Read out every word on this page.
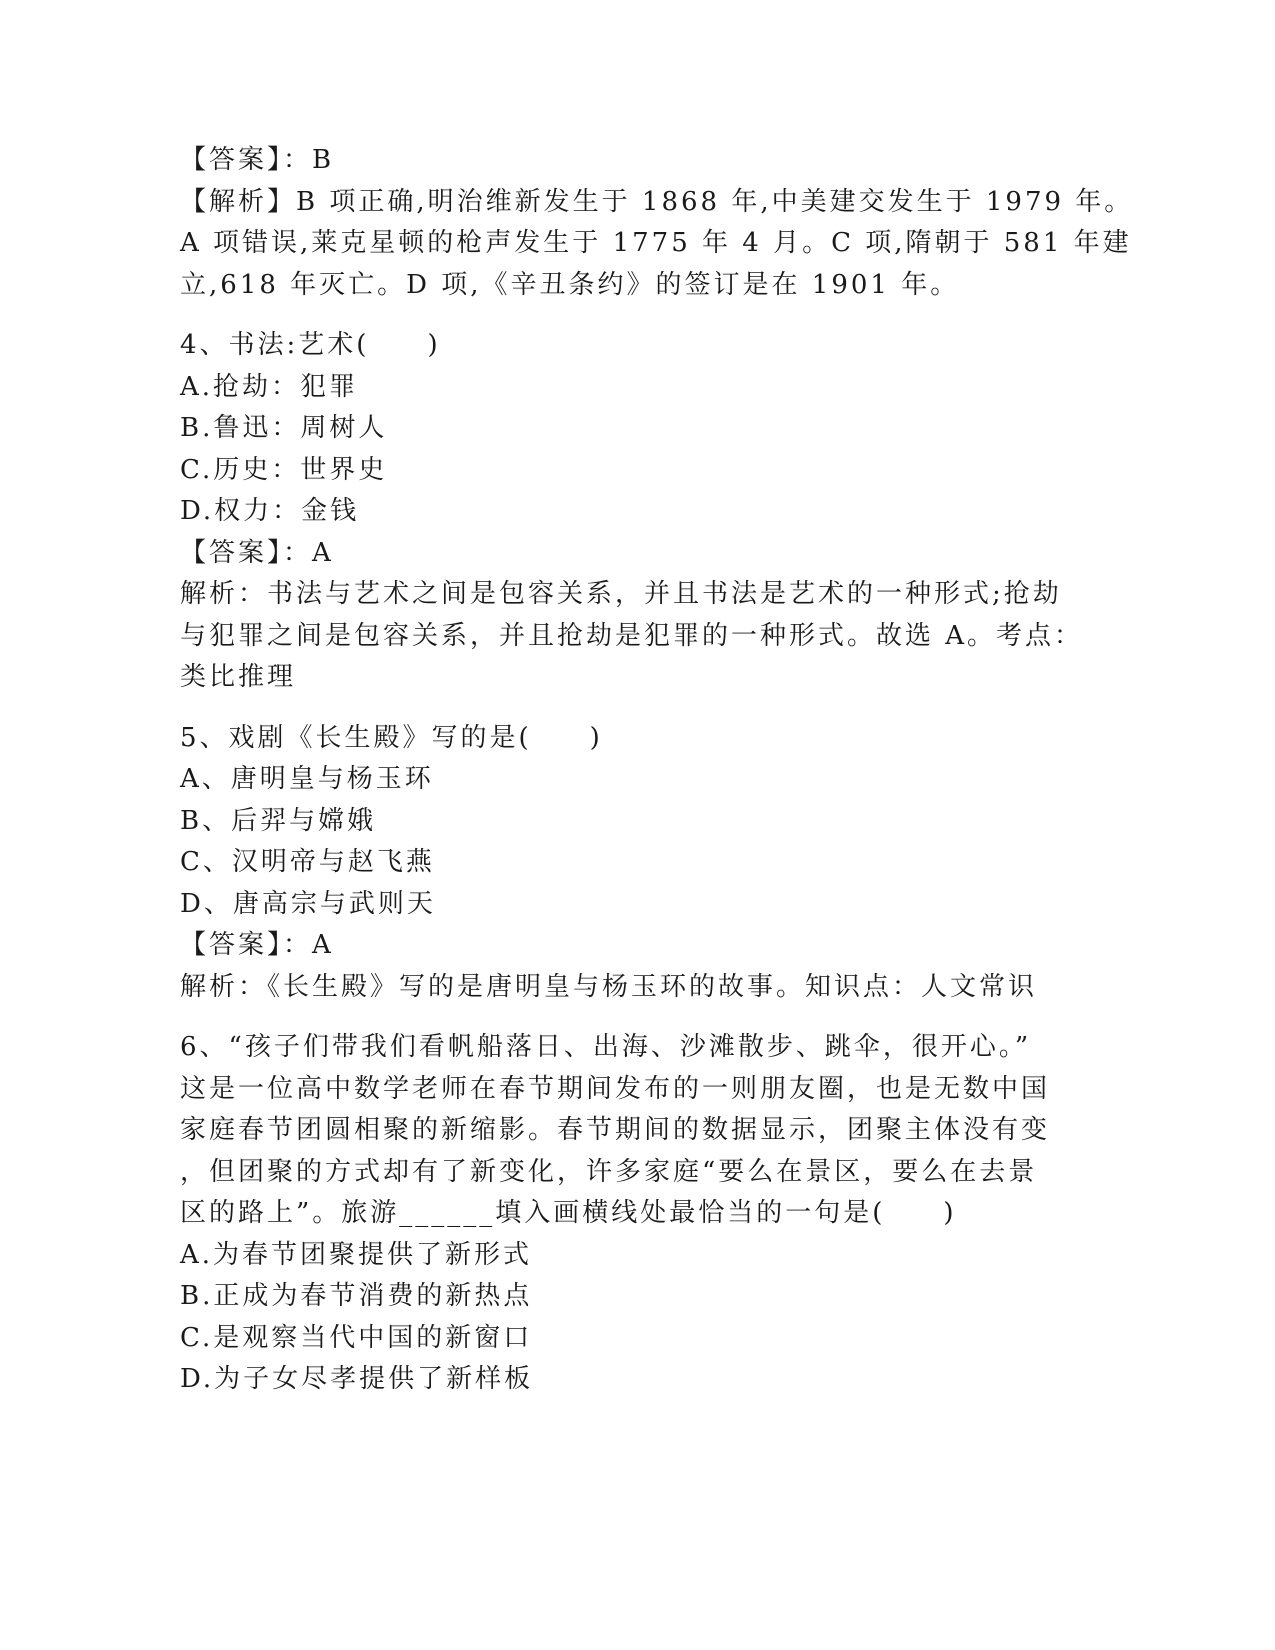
【答案】：B
【解析】B 项正确,明治维新发生于 1868 年,中美建交发生于 1979 年。
A 项错误,莱克星顿的枪声发生于 1775 年 4 月。C 项,隋朝于 581 年建
立,618 年灭亡。D 项,《辛丑条约》的签订是在 1901 年。
4、书法:艺术(　　)
A.抢劫：犯罪
B.鲁迅：周树人
C.历史：世界史
D.权力：金钱
【答案】：A
解析：书法与艺术之间是包容关系，并且书法是艺术的一种形式;抢劫
与犯罪之间是包容关系，并且抢劫是犯罪的一种形式。故选 A。考点：
类比推理
5、戏剧《长生殿》写的是(　　)
A、唐明皇与杨玉环
B、后羿与嫦娥
C、汉明帝与赵飞燕
D、唐高宗与武则天
【答案】：A
解析：《长生殿》写的是唐明皇与杨玉环的故事。知识点：人文常识
6、“孩子们带我们看帆船落日、出海、沙滩散步、跳伞，很开心。”
这是一位高中数学老师在春节期间发布的一则朋友圈，也是无数中国
家庭春节团圆相聚的新缩影。春节期间的数据显示，团聚主体没有变
，但团聚的方式却有了新变化，许多家庭“要么在景区，要么在去景
区的路上”。旅游______填入画横线处最恰当的一句是(　　)
A.为春节团聚提供了新形式
B.正成为春节消费的新热点
C.是观察当代中国的新窗口
D.为子女尽孝提供了新样板
